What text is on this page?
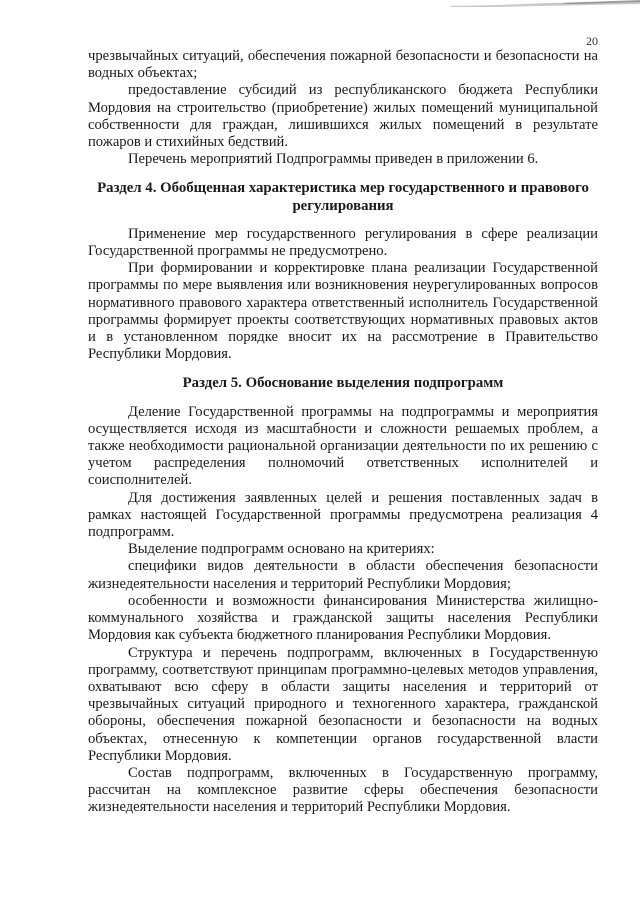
20

чрезвычайных ситуаций, обеспечения пожарной безопасности и безопасности на водных объектах;

предоставление субсидий из республиканского бюджета Республики Мордовия на строительство (приобретение) жилых помещений муниципальной собственности для граждан, лишившихся жилых помещений в результате пожаров и стихийных бедствий.

Перечень мероприятий Подпрограммы приведен в приложении 6.

Раздел 4. Обобщенная характеристика мер государственного и правового регулирования

Применение мер государственного регулирования в сфере реализации Государственной программы не предусмотрено.

При формировании и корректировке плана реализации Государственной программы по мере выявления или возникновения неурегулированных вопросов нормативного правового характера ответственный исполнитель Государственной программы формирует проекты соответствующих нормативных правовых актов и в установленном порядке вносит их на рассмотрение в Правительство Республики Мордовия.

Раздел 5. Обоснование выделения подпрограмм

Деление Государственной программы на подпрограммы и мероприятия осуществляется исходя из масштабности и сложности решаемых проблем, а также необходимости рациональной организации деятельности по их решению с учетом распределения полномочий ответственных исполнителей и соисполнителей.

Для достижения заявленных целей и решения поставленных задач в рамках настоящей Государственной программы предусмотрена реализация 4 подпрограмм.

Выделение подпрограмм основано на критериях:

специфики видов деятельности в области обеспечения безопасности жизнедеятельности населения и территорий Республики Мордовия;

особенности и возможности финансирования Министерства жилищно-коммунального хозяйства и гражданской защиты населения Республики Мордовия как субъекта бюджетного планирования Республики Мордовия.

Структура и перечень подпрограмм, включенных в Государственную программу, соответствуют принципам программно-целевых методов управления, охватывают всю сферу в области защиты населения и территорий от чрезвычайных ситуаций природного и техногенного характера, гражданской обороны, обеспечения пожарной безопасности и безопасности на водных объектах, отнесенную к компетенции органов государственной власти Республики Мордовия.

Состав подпрограмм, включенных в Государственную программу, рассчитан на комплексное развитие сферы обеспечения безопасности жизнедеятельности населения и территорий Республики Мордовия.
